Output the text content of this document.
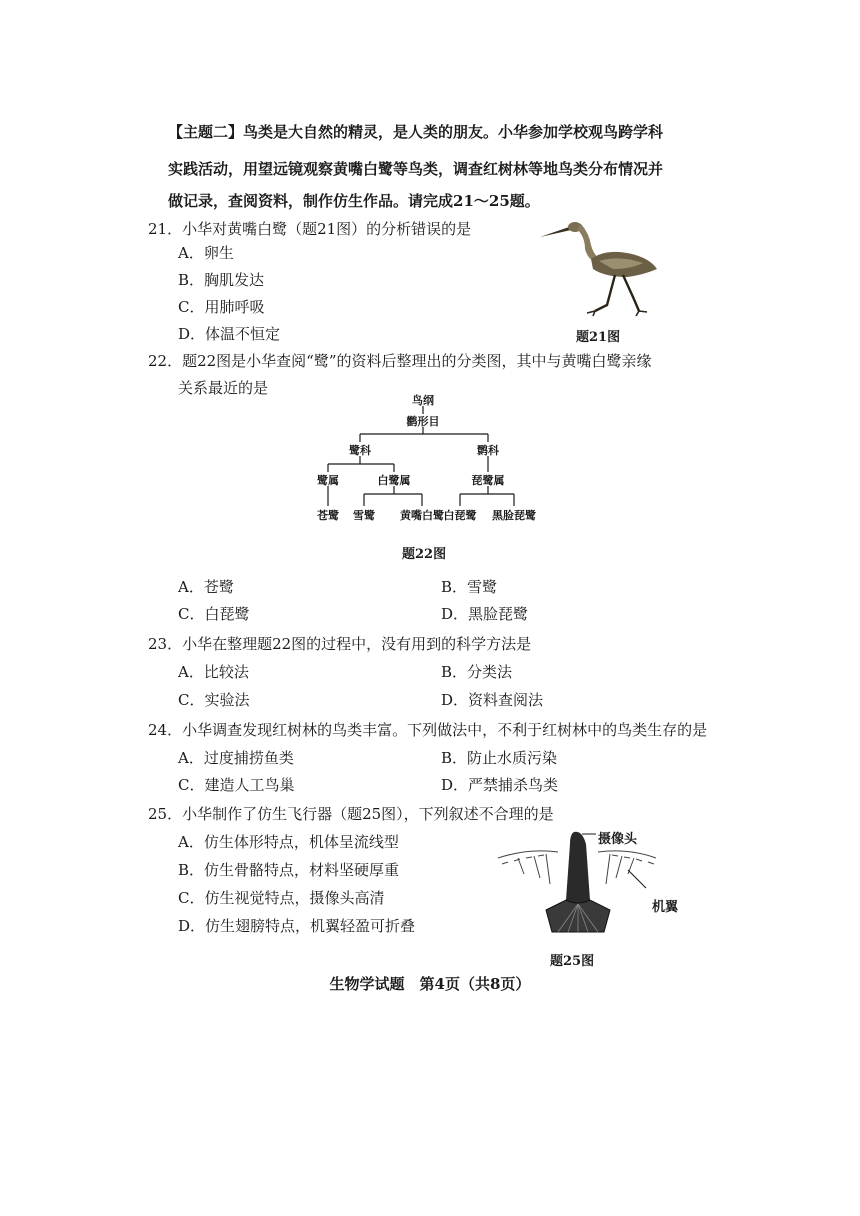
【主题二】鸟类是大自然的精灵，是人类的朋友。小华参加学校观鸟跨学科
实践活动，用望远镜观察黄嘴白鹭等鸟类，调查红树林等地鸟类分布情况并
做记录，查阅资料，制作仿生作品。请完成21～25题。
21．小华对黄嘴白鹭（题21图）的分析错误的是
A．卵生
B．胸肌发达
C．用肺呼吸
D．体温不恒定	题21图
22．题22图是小华查阅“鹭”的资料后整理出的分类图，其中与黄嘴白鹭亲缘
关系最近的是
鸟纲
鹳形目
鹭科	鹮科
鹭属	白鹭属	琵鹭属
苍鹭 雪鹭 黄嘴白鹭 白琵鹭 黑脸琵鹭
题22图
A．苍鹭	B．雪鹭
C．白琵鹭	D．黑脸琵鹭
23．小华在整理题22图的过程中，没有用到的科学方法是
A．比较法	B．分类法
C．实验法	D．资料查阅法
24．小华调查发现红树林的鸟类丰富。下列做法中，不利于红树林中的鸟类生存的是
A．过度捕捞鱼类	B．防止水质污染
C．建造人工鸟巢	D．严禁捕杀鸟类
25．小华制作了仿生飞行器（题25图），下列叙述不合理的是
A．仿生体形特点，机体呈流线型
B．仿生骨骼特点，材料坚硬厚重
C．仿生视觉特点，摄像头高清
D．仿生翅膀特点，机翼轻盈可折叠
摄像头
机翼
题25图
生物学试题　第4页（共8页）
